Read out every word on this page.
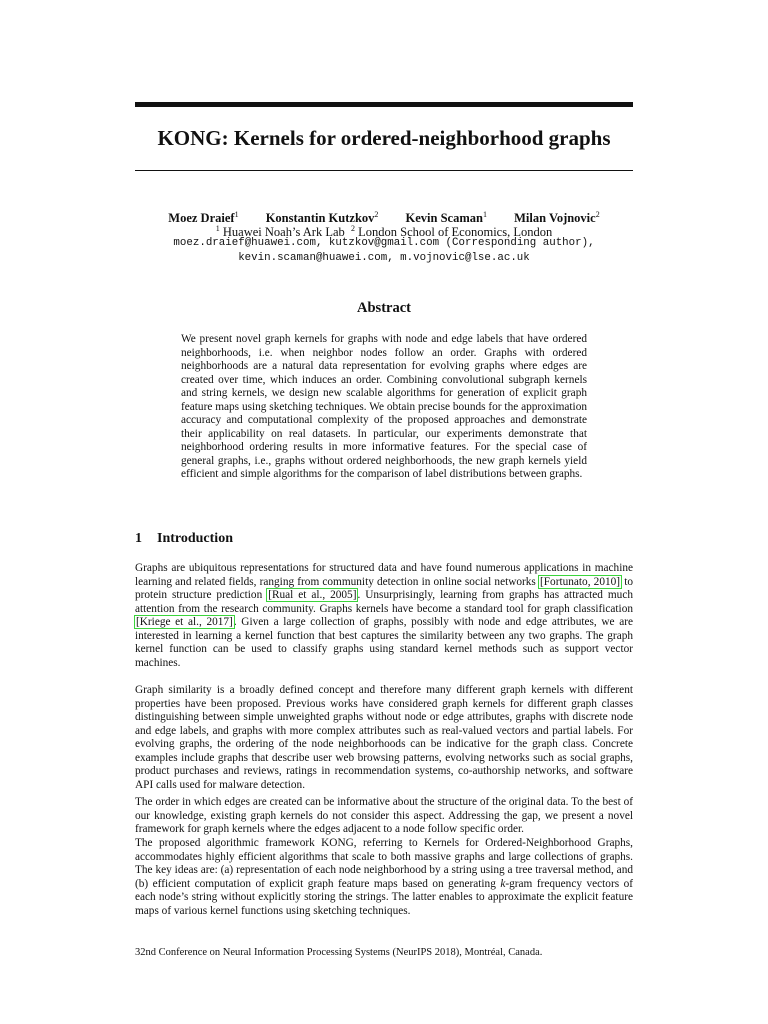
KONG: Kernels for ordered-neighborhood graphs
Moez Draief$^1$ Konstantin Kutzkov$^2$ Kevin Scaman$^1$ Milan Vojnovic$^2$
$^1$ Huawei Noah’s Ark Lab $^2$ London School of Economics, London
moez.draief@huawei.com, kutzkov@gmail.com (Corresponding author),
kevin.scaman@huawei.com, m.vojnovic@lse.ac.uk
Abstract

We present novel graph kernels for graphs with node and edge labels that have ordered neighborhoods, i.e. when neighbor nodes follow an order. Graphs with ordered neighborhoods are a natural data representation for evolving graphs where edges are created over time, which induces an order. Combining convolutional subgraph kernels and string kernels, we design new scalable algorithms for generation of explicit graph feature maps using sketching techniques. We obtain precise bounds for the approximation accuracy and computational complexity of the proposed approaches and demonstrate their applicability on real datasets. In particular, our experiments demonstrate that neighborhood ordering results in more informative features. For the special case of general graphs, i.e., graphs without ordered neighborhoods, the new graph kernels yield efficient and simple algorithms for the comparison of label distributions between graphs.

1 Introduction

Graphs are ubiquitous representations for structured data and have found numerous applications in machine learning and related fields, ranging from community detection in online social networks [Fortunato, 2010] to protein structure prediction [Rual et al., 2005]. Unsurprisingly, learning from graphs has attracted much attention from the research community. Graphs kernels have become a standard tool for graph classification [Kriege et al., 2017]. Given a large collection of graphs, possibly with node and edge attributes, we are interested in learning a kernel function that best captures the similarity between any two graphs. The graph kernel function can be used to classify graphs using standard kernel methods such as support vector machines.

Graph similarity is a broadly defined concept and therefore many different graph kernels with different properties have been proposed. Previous works have considered graph kernels for different graph classes distinguishing between simple unweighted graphs without node or edge attributes, graphs with discrete node and edge labels, and graphs with more complex attributes such as real-valued vectors and partial labels. For evolving graphs, the ordering of the node neighborhoods can be indicative for the graph class. Concrete examples include graphs that describe user web browsing patterns, evolving networks such as social graphs, product purchases and reviews, ratings in recommendation systems, co-authorship networks, and software API calls used for malware detection.

The order in which edges are created can be informative about the structure of the original data. To the best of our knowledge, existing graph kernels do not consider this aspect. Addressing the gap, we present a novel framework for graph kernels where the edges adjacent to a node follow specific order.

The proposed algorithmic framework KONG, referring to Kernels for Ordered-Neighborhood Graphs, accommodates highly efficient algorithms that scale to both massive graphs and large collections of graphs. The key ideas are: (a) representation of each node neighborhood by a string using a tree traversal method, and (b) efficient computation of explicit graph feature maps based on generating k-gram frequency vectors of each node’s string without explicitly storing the strings. The latter enables to approximate the explicit feature maps of various kernel functions using sketching techniques.

32nd Conference on Neural Information Processing Systems (NeurIPS 2018), Montréal, Canada.
